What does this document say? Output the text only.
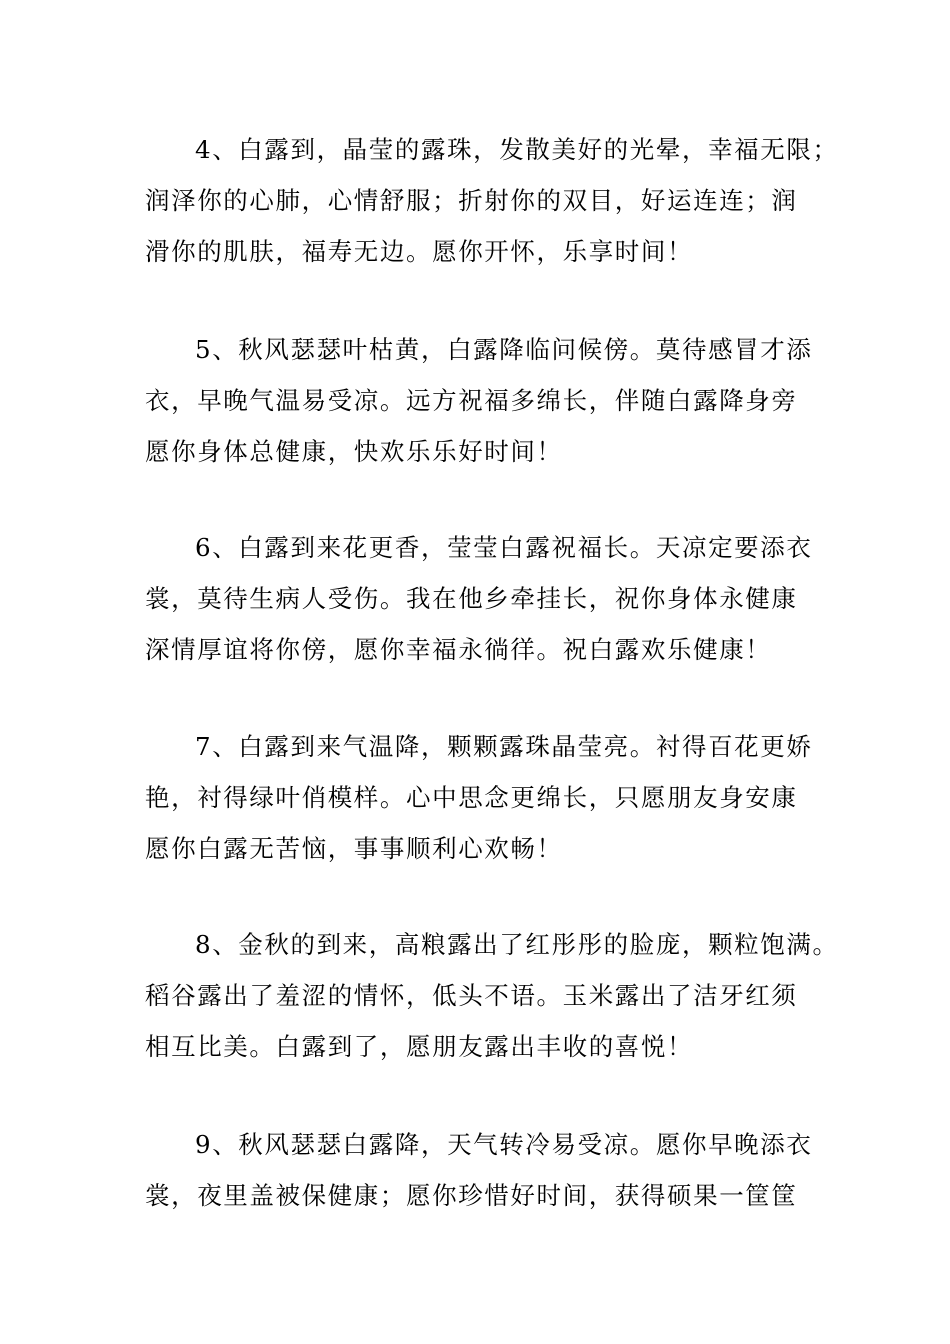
4、白露到，晶莹的露珠，发散美好的光晕，幸福无限；
润泽你的心肺，心情舒服；折射你的双目，好运连连；润
滑你的肌肤，福寿无边。愿你开怀，乐享时间！
5、秋风瑟瑟叶枯黄，白露降临问候傍。莫待感冒才添
衣，早晚气温易受凉。远方祝福多绵长，伴随白露降身旁
愿你身体总健康，快欢乐乐好时间！
6、白露到来花更香，莹莹白露祝福长。天凉定要添衣
裳，莫待生病人受伤。我在他乡牵挂长，祝你身体永健康
深情厚谊将你傍，愿你幸福永徜徉。祝白露欢乐健康！
7、白露到来气温降，颗颗露珠晶莹亮。衬得百花更娇
艳，衬得绿叶俏模样。心中思念更绵长，只愿朋友身安康
愿你白露无苦恼，事事顺利心欢畅！
8、金秋的到来，高粮露出了红彤彤的脸庞，颗粒饱满。
稻谷露出了羞涩的情怀，低头不语。玉米露出了洁牙红须
相互比美。白露到了，愿朋友露出丰收的喜悦！
9、秋风瑟瑟白露降，天气转冷易受凉。愿你早晚添衣
裳，夜里盖被保健康；愿你珍惜好时间，获得硕果一筐筐
